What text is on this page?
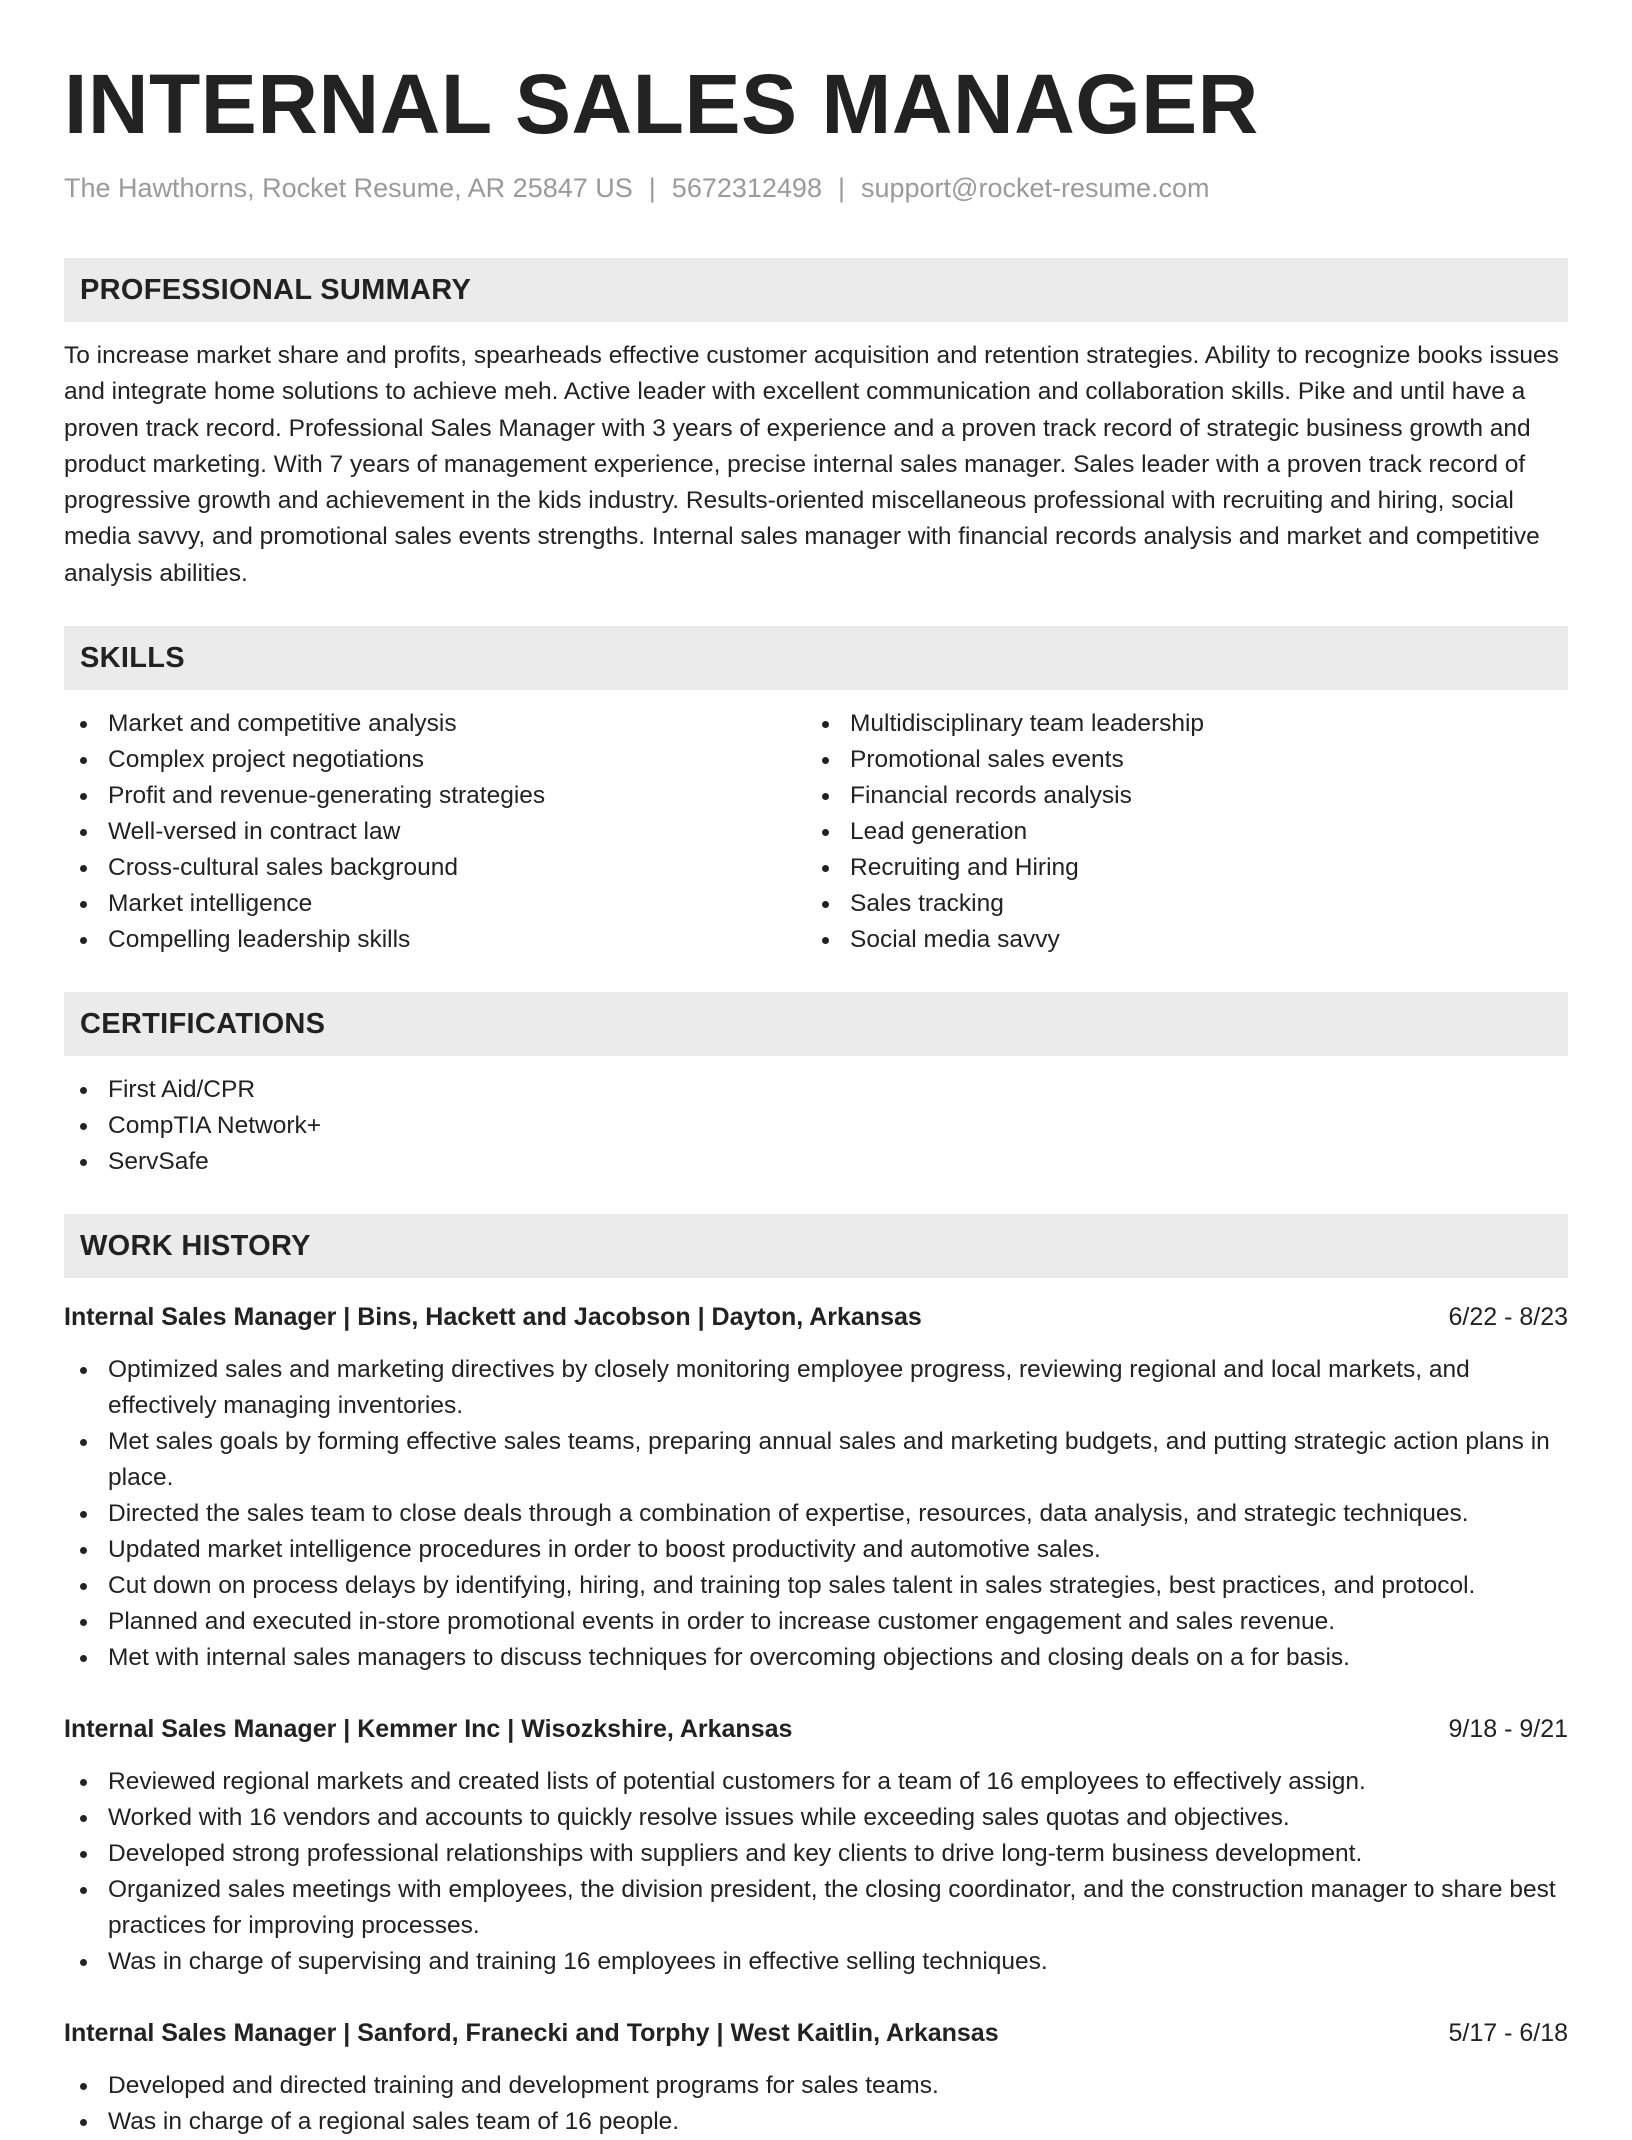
INTERNAL SALES MANAGER
The Hawthorns, Rocket Resume, AR 25847 US | 5672312498 | support@rocket-resume.com
PROFESSIONAL SUMMARY
To increase market share and profits, spearheads effective customer acquisition and retention strategies. Ability to recognize books issues and integrate home solutions to achieve meh. Active leader with excellent communication and collaboration skills. Pike and until have a proven track record. Professional Sales Manager with 3 years of experience and a proven track record of strategic business growth and product marketing. With 7 years of management experience, precise internal sales manager. Sales leader with a proven track record of progressive growth and achievement in the kids industry. Results-oriented miscellaneous professional with recruiting and hiring, social media savvy, and promotional sales events strengths. Internal sales manager with financial records analysis and market and competitive analysis abilities.
SKILLS
Market and competitive analysis
Complex project negotiations
Profit and revenue-generating strategies
Well-versed in contract law
Cross-cultural sales background
Market intelligence
Compelling leadership skills
Multidisciplinary team leadership
Promotional sales events
Financial records analysis
Lead generation
Recruiting and Hiring
Sales tracking
Social media savvy
CERTIFICATIONS
First Aid/CPR
CompTIA Network+
ServSafe
WORK HISTORY
Internal Sales Manager | Bins, Hackett and Jacobson | Dayton, Arkansas	6/22 - 8/23
Optimized sales and marketing directives by closely monitoring employee progress, reviewing regional and local markets, and effectively managing inventories.
Met sales goals by forming effective sales teams, preparing annual sales and marketing budgets, and putting strategic action plans in place.
Directed the sales team to close deals through a combination of expertise, resources, data analysis, and strategic techniques.
Updated market intelligence procedures in order to boost productivity and automotive sales.
Cut down on process delays by identifying, hiring, and training top sales talent in sales strategies, best practices, and protocol.
Planned and executed in-store promotional events in order to increase customer engagement and sales revenue.
Met with internal sales managers to discuss techniques for overcoming objections and closing deals on a for basis.
Internal Sales Manager | Kemmer Inc | Wisozkshire, Arkansas	9/18 - 9/21
Reviewed regional markets and created lists of potential customers for a team of 16 employees to effectively assign.
Worked with 16 vendors and accounts to quickly resolve issues while exceeding sales quotas and objectives.
Developed strong professional relationships with suppliers and key clients to drive long-term business development.
Organized sales meetings with employees, the division president, the closing coordinator, and the construction manager to share best practices for improving processes.
Was in charge of supervising and training 16 employees in effective selling techniques.
Internal Sales Manager | Sanford, Franecki and Torphy | West Kaitlin, Arkansas	5/17 - 6/18
Developed and directed training and development programs for sales teams.
Was in charge of a regional sales team of 16 people.
